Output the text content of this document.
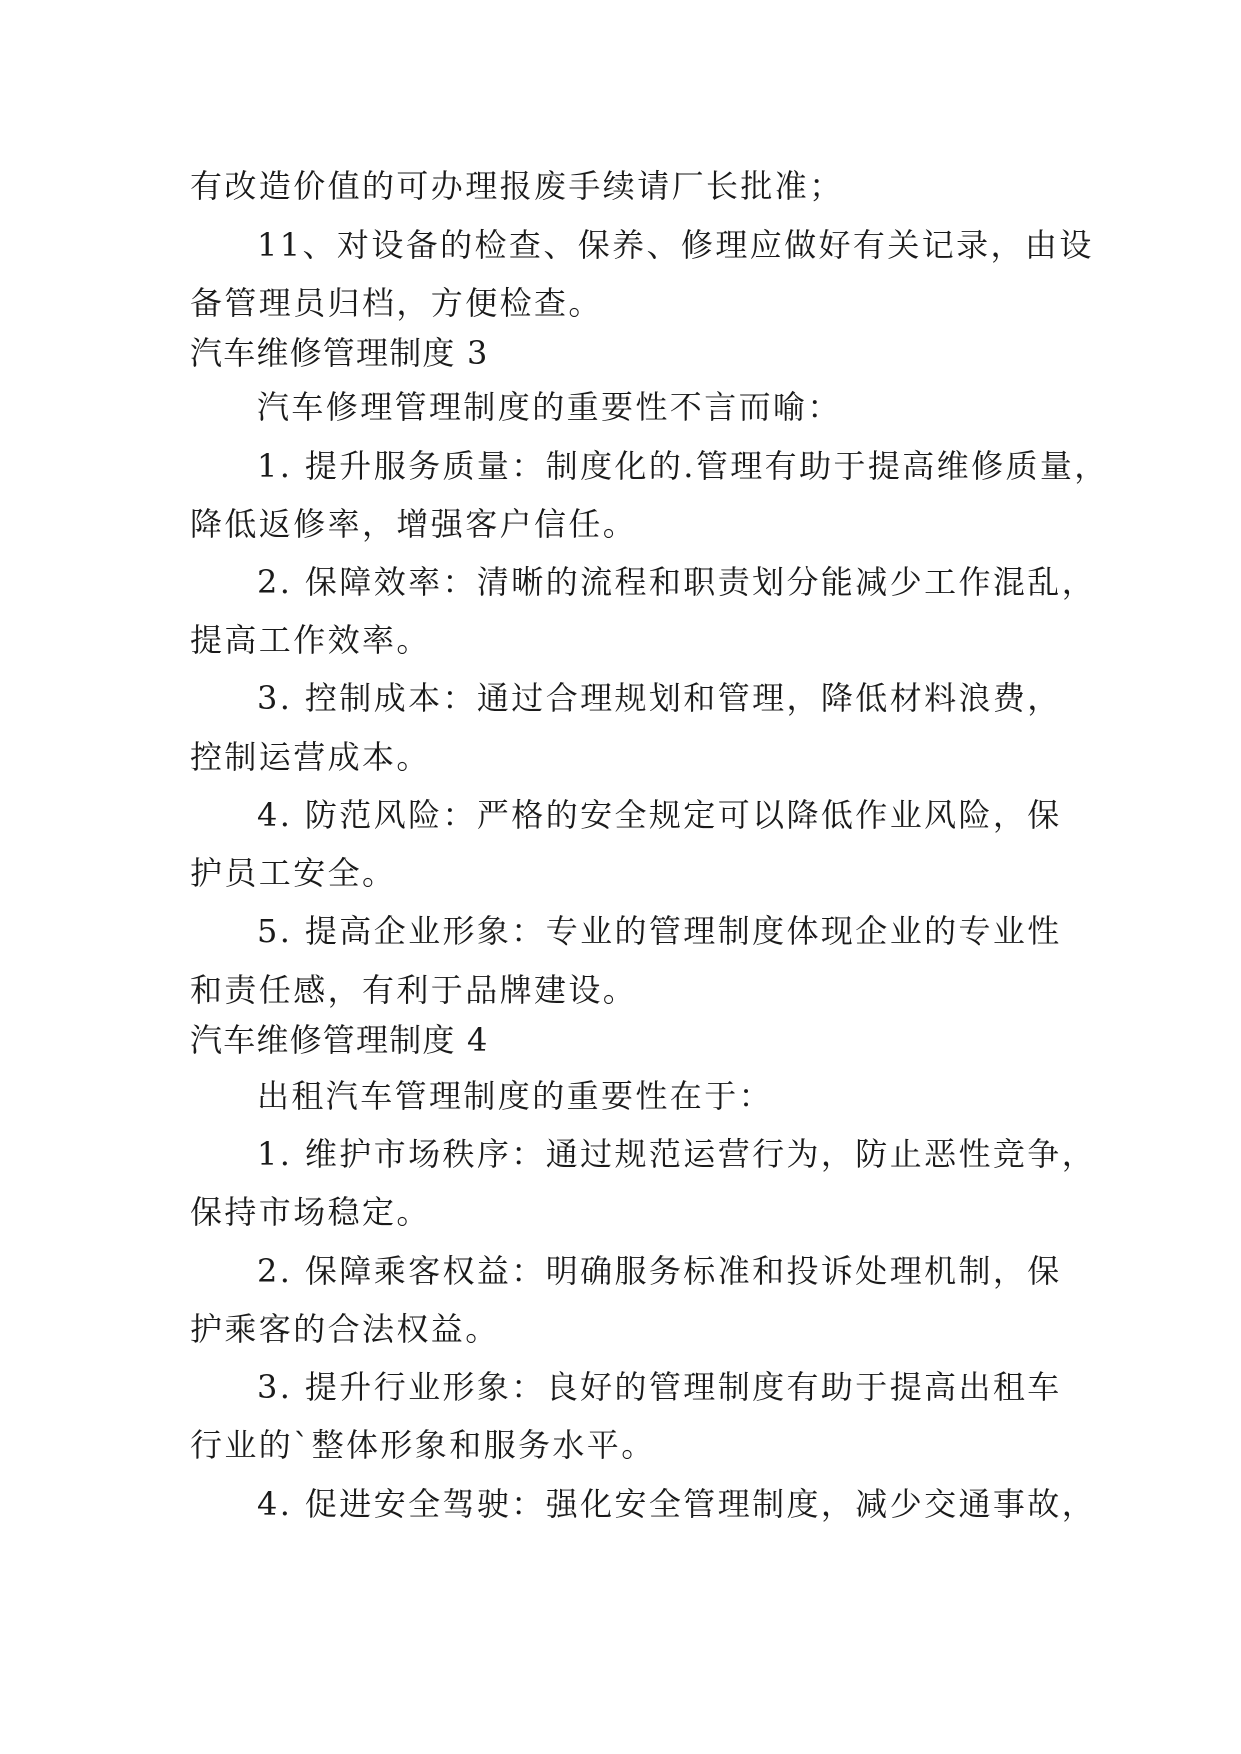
有改造价值的可办理报废手续请厂长批准；
11、对设备的检查、保养、修理应做好有关记录，由设
备管理员归档，方便检查。
汽车维修管理制度 3
汽车修理管理制度的重要性不言而喻：
1. 提升服务质量：制度化的.管理有助于提高维修质量，
降低返修率，增强客户信任。
2. 保障效率：清晰的流程和职责划分能减少工作混乱，
提高工作效率。
3. 控制成本：通过合理规划和管理，降低材料浪费，
控制运营成本。
4. 防范风险：严格的安全规定可以降低作业风险，保
护员工安全。
5. 提高企业形象：专业的管理制度体现企业的专业性
和责任感，有利于品牌建设。
汽车维修管理制度 4
出租汽车管理制度的重要性在于：
1. 维护市场秩序：通过规范运营行为，防止恶性竞争，
保持市场稳定。
2. 保障乘客权益：明确服务标准和投诉处理机制，保
护乘客的合法权益。
3. 提升行业形象：良好的管理制度有助于提高出租车
行业的`整体形象和服务水平。
4. 促进安全驾驶：强化安全管理制度，减少交通事故，
